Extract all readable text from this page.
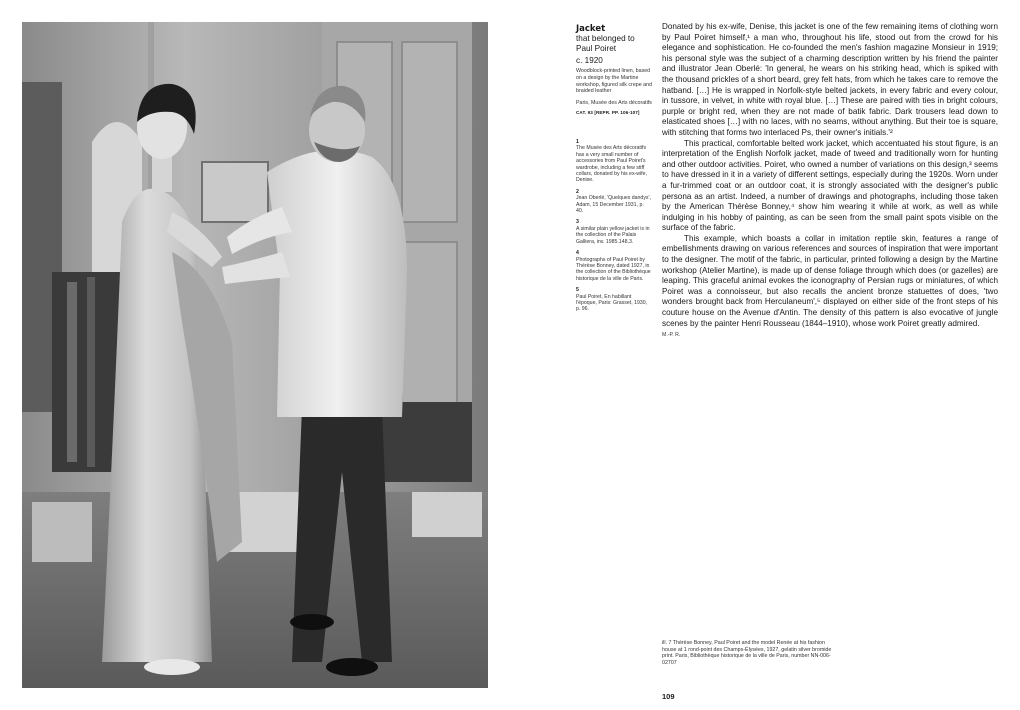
Jacket
that belonged to
Paul Poiret
c. 1920
Woodblock-printed linen, based on a design by the Martine workshop, figured silk crepe and braided leather
Paris, Musée des Arts décoratifs
CAT. 93 [REPR. PP. 106-107]
1
The Musée des Arts décoratifs has a very small number of accessories from Paul Poiret's wardrobe, including a few stiff collars, donated by his ex-wife, Denise.
2
Jean Oberlé, 'Quelques dandys', Adam, 15 December 1931, p. 40.
3
A similar plain yellow jacket is in the collection of the Palais Galliera, inv. 1985.148.3.
4
Photographs of Paul Poiret by Thérèse Bonney, dated 1927, in the collection of the Bibliothèque historique de la ville de Paris.
5
Paul Poiret, En habillant l'époque, Paris: Grasset, 1930, p. 96.

Donated by his ex-wife, Denise, this jacket is one of the few remaining items of clothing worn by Paul Poiret himself,¹ a man who, throughout his life, stood out from the crowd for his elegance and sophistication. He co-founded the men's fashion magazine Monsieur in 1919; his personal style was the subject of a charming description written by his friend the painter and illustrator Jean Oberlé: 'In general, he wears on his striking head, which is spiked with the thousand prickles of a short beard, grey felt hats, from which he takes care to remove the hatband. […] He is wrapped in Norfolk-style belted jackets, in every fabric and every colour, in tussore, in velvet, in white with royal blue. […] These are paired with ties in bright colours, purple or bright red, when they are not made of batik fabric. Dark trousers lead down to elasticated shoes […] with no laces, with no seams, without anything. But their toe is square, with stitching that forms two interlaced Ps, their owner's initials.'²

This practical, comfortable belted work jacket, which accentuated his stout figure, is an interpretation of the English Norfolk jacket, made of tweed and traditionally worn for hunting and other outdoor activities. Poiret, who owned a number of variations on this design,³ seems to have dressed in it in a variety of different settings, especially during the 1920s. Worn under a fur-trimmed coat or an outdoor coat, it is strongly associated with the designer's public persona as an artist. Indeed, a number of drawings and photographs, including those taken by the American Thérèse Bonney,⁴ show him wearing it while at work, as well as while indulging in his hobby of painting, as can be seen from the small paint spots visible on the surface of the fabric.

This example, which boasts a collar in imitation reptile skin, features a range of embellishments drawing on various references and sources of inspiration that were important to the designer. The motif of the fabric, in particular, printed following a design by the Martine workshop (Atelier Martine), is made up of dense foliage through which does (or gazelles) are leaping. This graceful animal evokes the iconography of Persian rugs or miniatures, of which Poiret was a connoisseur, but also recalls the ancient bronze statuettes of does, 'two wonders brought back from Herculaneum',⁵ displayed on either side of the front steps of his couture house on the Avenue d'Antin. The density of this pattern is also evocative of jungle scenes by the painter Henri Rousseau (1844–1910), whose work Poiret greatly admired.

M.-P. R.
ill. 7 Thérèse Bonney, Paul Poiret and the model Renée at his fashion house at 1 rond-point des Champs-Élysées, 1927, gelatin silver bromide print. Paris, Bibliothèque historique de la ville de Paris, number NN-006-02707
109
